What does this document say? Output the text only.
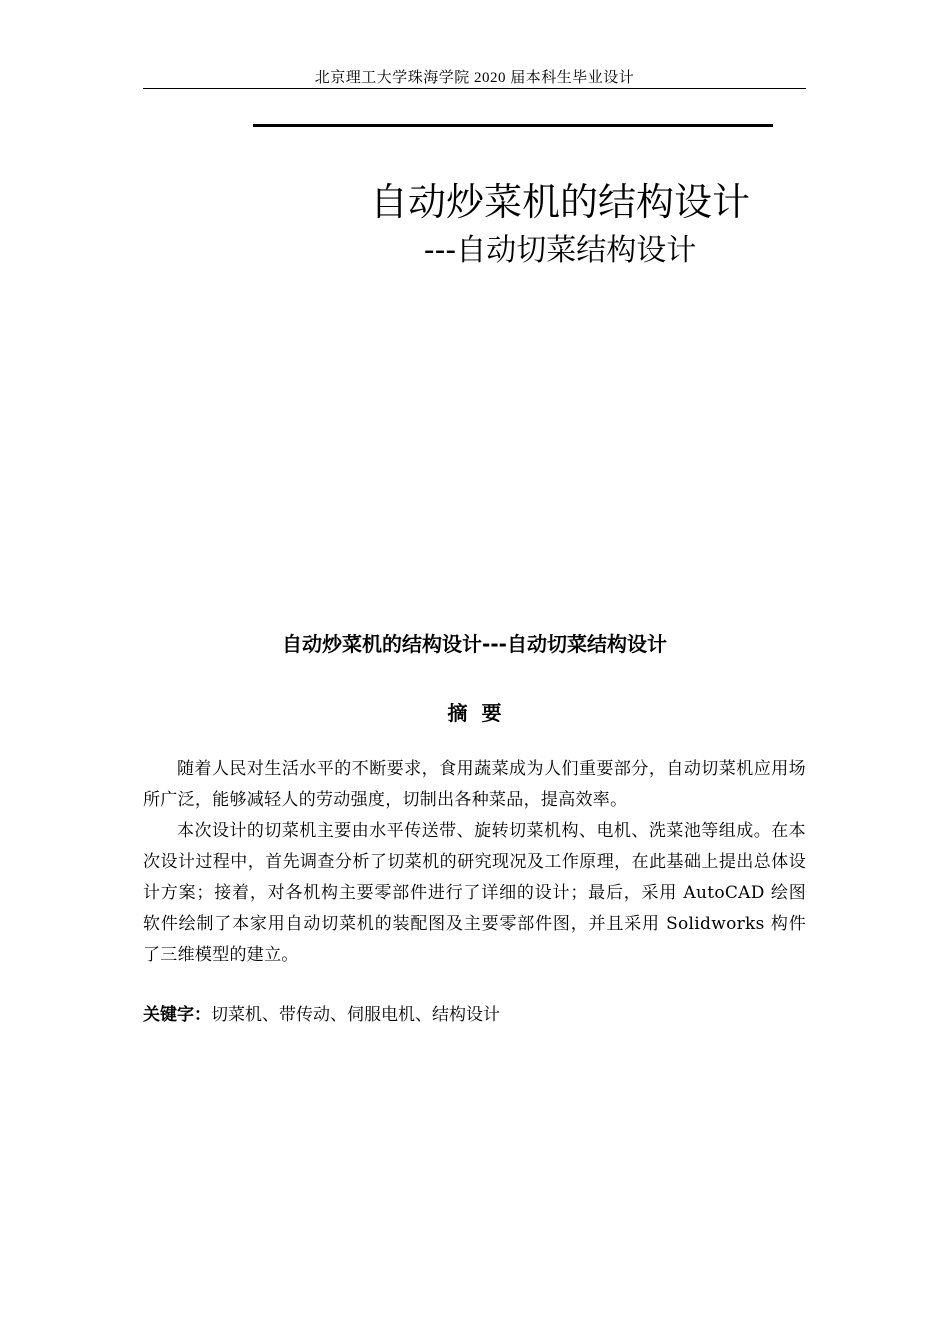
北京理工大学珠海学院 2020 届本科生毕业设计
自动炒菜机的结构设计
---自动切菜结构设计
自动炒菜机的结构设计---自动切菜结构设计
摘要

随着人民对生活水平的不断要求，食用蔬菜成为人们重要部分，自动切菜机应用场所广泛，能够减轻人的劳动强度，切制出各种菜品，提高效率。

本次设计的切菜机主要由水平传送带、旋转切菜机构、电机、洗菜池等组成。在本次设计过程中，首先调查分析了切菜机的研究现况及工作原理，在此基础上提出总体设计方案；接着，对各机构主要零部件进行了详细的设计；最后，采用 AutoCAD 绘图软件绘制了本家用自动切菜机的装配图及主要零部件图，并且采用 Solidworks 构件了三维模型的建立。

关键字：切菜机、带传动、伺服电机、结构设计
